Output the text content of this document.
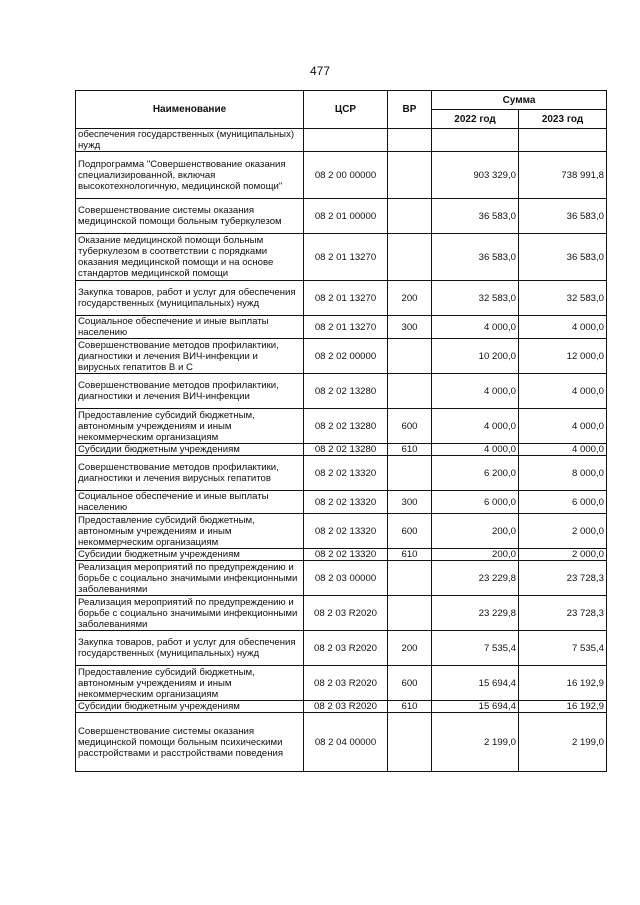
477
Наименование	ЦСР	ВР	Сумма	
			2022 год	2023 год
обеспечения государственных (муниципальных) нужд				
Подпрограмма "Совершенствование оказания специализированной, включая высокотехнологичную, медицинской помощи"	08 2 00 00000		903 329,0	738 991,8
Совершенствование системы оказания медицинской помощи больным туберкулезом	08 2 01 00000		36 583,0	36 583,0
Оказание медицинской помощи больным туберкулезом в соответствии с порядками оказания медицинской помощи и на основе стандартов медицинской помощи	08 2 01 13270		36 583,0	36 583,0
Закупка товаров, работ и услуг для обеспечения государственных (муниципальных) нужд	08 2 01 13270	200	32 583,0	32 583,0
Социальное обеспечение и иные выплаты населению	08 2 01 13270	300	4 000,0	4 000,0
Совершенствование методов профилактики, диагностики и лечения ВИЧ-инфекции и вирусных гепатитов В и С	08 2 02 00000		10 200,0	12 000,0
Совершенствование методов профилактики, диагностики и лечения ВИЧ-инфекции	08 2 02 13280		4 000,0	4 000,0
Предоставление субсидий бюджетным, автономным учреждениям и иным некоммерческим организациям	08 2 02 13280	600	4 000,0	4 000,0
Субсидии бюджетным учреждениям	08 2 02 13280	610	4 000,0	4 000,0
Совершенствование методов профилактики, диагностики и лечения вирусных гепатитов	08 2 02 13320		6 200,0	8 000,0
Социальное обеспечение и иные выплаты населению	08 2 02 13320	300	6 000,0	6 000,0
Предоставление субсидий бюджетным, автономным учреждениям и иным некоммерческим организациям	08 2 02 13320	600	200,0	2 000,0
Субсидии бюджетным учреждениям	08 2 02 13320	610	200,0	2 000,0
Реализация мероприятий по предупреждению и борьбе с социально значимыми инфекционными заболеваниями	08 2 03 00000		23 229,8	23 728,3
Реализация мероприятий по предупреждению и борьбе с социально значимыми инфекционными заболеваниями	08 2 03 R2020		23 229,8	23 728,3
Закупка товаров, работ и услуг для обеспечения государственных (муниципальных) нужд	08 2 03 R2020	200	7 535,4	7 535,4
Предоставление субсидий бюджетным, автономным учреждениям и иным некоммерческим организациям	08 2 03 R2020	600	15 694,4	16 192,9
Субсидии бюджетным учреждениям	08 2 03 R2020	610	15 694,4	16 192,9
Совершенствование системы оказания медицинской помощи больным психическими расстройствами и расстройствами поведения	08 2 04 00000		2 199,0	2 199,0
